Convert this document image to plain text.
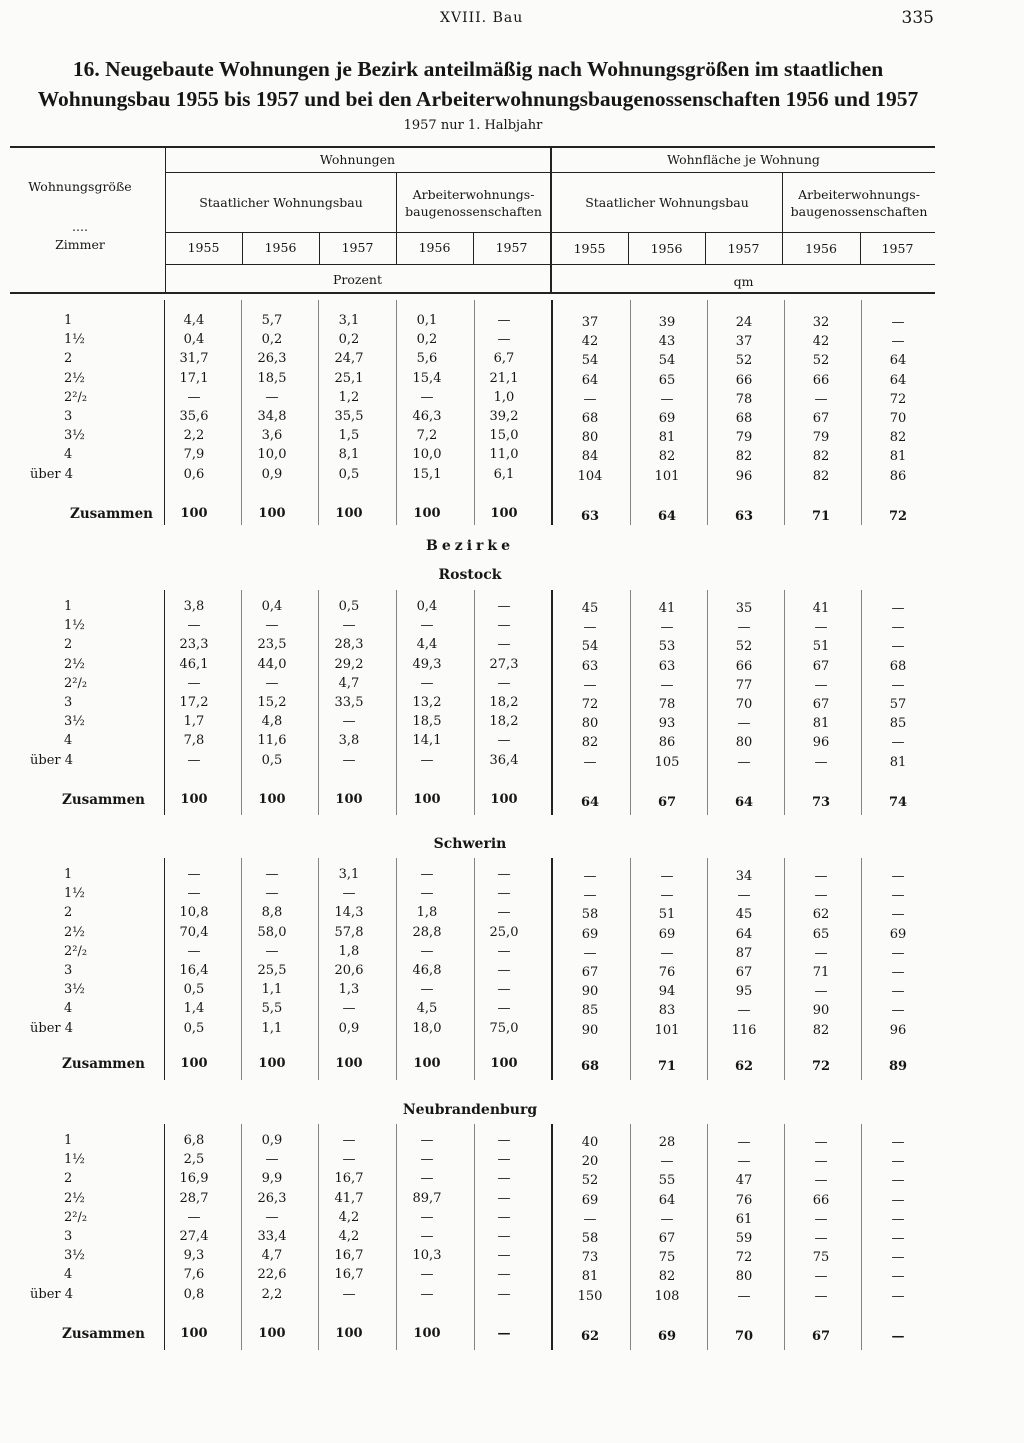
XVIII. Bau	335
16. Neugebaute Wohnungen je Bezirk anteilmäßig nach Wohnungsgrößen im staatlichen Wohnungsbau 1955 bis 1957 und bei den Arbeiterwohnungsbaugenossenschaften 1956 und 1957
1957 nur 1. Halbjahr
Wohnungsgröße
....
Zimmer
Wohnungen	Wohnfläche je Wohnung
Staatlicher Wohnungsbau
Arbeiterwohnungs-
baugenossenschaften
Staatlicher Wohnungsbau
Arbeiterwohnungs-
baugenossenschaften
1955	1956	1957	1956	1957	1955	1956	1957	1956	1957
Prozent	qm
Bezirke
Rostock
Schwerin
Neubrandenburg
1	4,4	5,7	3,1	0,1	—	37	39	24	32	—
1½	0,4	0,2	0,2	0,2	—	42	43	37	42	—
2	31,7	26,3	24,7	5,6	6,7	54	54	52	52	64
2½	17,1	18,5	25,1	15,4	21,1	64	65	66	66	64
2²/₂	—	—	1,2	—	1,0	—	—	78	—	72
3	35,6	34,8	35,5	46,3	39,2	68	69	68	67	70
3½	2,2	3,6	1,5	7,2	15,0	80	81	79	79	82
4	7,9	10,0	8,1	10,0	11,0	84	82	82	82	81
über 4	0,6	0,9	0,5	15,1	6,1	104	101	96	82	86
Zusammen	100	100	100	100	100	63	64	63	71	72
1	3,8	0,4	0,5	0,4	—	45	41	35	41	—
1½	—	—	—	—	—	—	—	—	—	—
2	23,3	23,5	28,3	4,4	—	54	53	52	51	—
2½	46,1	44,0	29,2	49,3	27,3	63	63	66	67	68
2²/₂	—	—	4,7	—	—	—	—	77	—	—
3	17,2	15,2	33,5	13,2	18,2	72	78	70	67	57
3½	1,7	4,8	—	18,5	18,2	80	93	—	81	85
4	7,8	11,6	3,8	14,1	—	82	86	80	96	—
über 4	—	0,5	—	—	36,4	—	105	—	—	81
Zusammen	100	100	100	100	100	64	67	64	73	74
1	—	—	3,1	—	—	—	—	34	—	—
1½	—	—	—	—	—	—	—	—	—	—
2	10,8	8,8	14,3	1,8	—	58	51	45	62	—
2½	70,4	58,0	57,8	28,8	25,0	69	69	64	65	69
2²/₂	—	—	1,8	—	—	—	—	87	—	—
3	16,4	25,5	20,6	46,8	—	67	76	67	71	—
3½	0,5	1,1	1,3	—	—	90	94	95	—	—
4	1,4	5,5	—	4,5	—	85	83	—	90	—
über 4	0,5	1,1	0,9	18,0	75,0	90	101	116	82	96
Zusammen	100	100	100	100	100	68	71	62	72	89
1	6,8	0,9	—	—	—	40	28	—	—	—
1½	2,5	—	—	—	—	20	—	—	—	—
2	16,9	9,9	16,7	—	—	52	55	47	—	—
2½	28,7	26,3	41,7	89,7	—	69	64	76	66	—
2²/₂	—	—	4,2	—	—	—	—	61	—	—
3	27,4	33,4	4,2	—	—	58	67	59	—	—
3½	9,3	4,7	16,7	10,3	—	73	75	72	75	—
4	7,6	22,6	16,7	—	—	81	82	80	—	—
über 4	0,8	2,2	—	—	—	150	108	—	—	—
Zusammen	100	100	100	100	—	62	69	70	67	—
